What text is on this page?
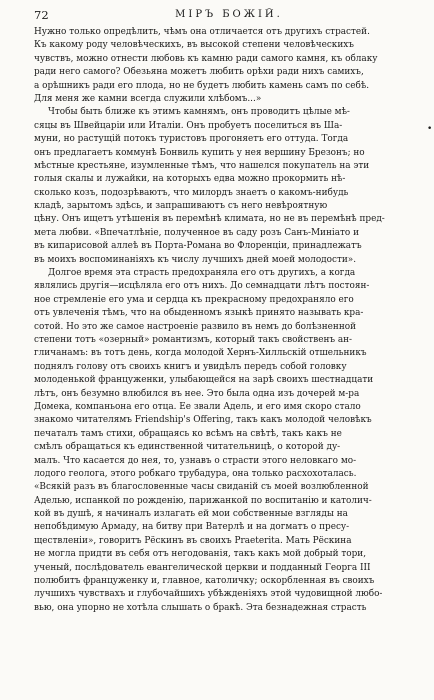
72	МІРЪ БОЖІЙ.
Нужно только опредѣлить, чѣмъ она отличается отъ другихъ страстей.
Къ какому роду человѣческихъ, въ высокой степени человѣческихъ
чувствъ, можно отнести любовь къ камню ради самого камня, къ облаку
ради него самого? Обезьяна можетъ любить орѣхи ради нихъ самихъ,
а орѣшникъ ради его плода, но не будетъ любить камень самъ по себѣ.
Для меня же камни всегда служили хлѣбомъ...»
Чтобы быть ближе къ этимъ камнямъ, онъ проводитъ цѣлые мѣ-
сяцы въ Швейцаріи или Италіи. Онъ пробуетъ поселиться въ Ша-
муни, но растущій потокъ туристовъ прогоняетъ его оттуда. Тогда
онъ предлагаетъ коммунѣ Бонвиль купить у нея вершину Брезонъ; но
мѣстные крестьяне, изумленные тѣмъ, что нашелся покупатель на эти
голыя скалы и лужайки, на которыхъ едва можно прокормить нѣ-
сколько козъ, подозрѣваютъ, что милордъ знаетъ о какомъ-нибудь
кладѣ, зарытомъ здѣсь, и запрашиваютъ съ него невѣроятную
цѣну. Онъ ищетъ утѣшенія въ перемѣнѣ климата, но не въ перемѣнѣ пред-
мета любви. «Впечатлѣніе, полученное въ саду розъ Санъ-Миніато и
въ кипарисовой аллеѣ въ Порта-Романа во Флоренціи, принадлежатъ
въ моихъ воспоминаніяхъ къ числу лучшихъ дней моей молодости».
Долгое время эта страсть предохраняла его отъ другихъ, а когда
являлись другія—исцѣляла его отъ нихъ. До семнадцати лѣтъ постоян-
ное стремленіе его ума и сердца къ прекрасному предохраняло его
отъ увлеченія тѣмъ, что на обыденномъ языкѣ принято называть кра-
сотой. Но это же самое настроеніе развило въ немъ до болѣзненной
степени тотъ «озерный» романтизмъ, который такъ свойственъ ан-
гличанамъ: въ тотъ день, когда молодой Хернъ-Хилльскій отшельникъ
поднялъ голову отъ своихъ книгъ и увидѣлъ передъ собой головку
молоденькой француженки, улыбающейся на зарѣ своихъ шестнадцати
лѣтъ, онъ безумно влюбился въ нее. Это была одна изъ дочерей м-ра
Домека, компаньона его отца. Ее звали Адель, и его имя скоро стало
знакомо читателямъ Friendship's Offering, такъ какъ молодой человѣкъ
печаталъ тамъ стихи, обращаясь ко всѣмъ на свѣтѣ, такъ какъ не
смѣлъ обращаться къ единственной читательницѣ, о которой ду-
малъ. Что касается до нея, то, узнавъ о страсти этого неловкаго мо-
лодого геолога, этого робкаго трубадура, она только расхохоталась.
«Всякій разъ въ благословенные часы свиданій съ моей возлюбленной
Аделью, испанкой по рожденію, парижанкой по воспитанію и католич-
кой въ душѣ, я начиналъ излагать ей мои собственные взгляды на
непобѣдимую Армаду, на битву при Ватерлѣ и на догматъ о пресу-
ществленіи», говоритъ Рёскинъ въ своихъ Praeterita. Мать Рёскина
не могла придти въ себя отъ негодованія, такъ какъ мой добрый тори,
ученый, послѣдователь евангелической церкви и подданный Георга III
полюбитъ француженку и, главное, католичку; оскорбленная въ своихъ
лучшихъ чувствахъ и глубочайшихъ убѣжденіяхъ этой чудовищной любо-
вью, она упорно не хотѣла слышать о бракѣ. Эта безнадежная страсть
•
